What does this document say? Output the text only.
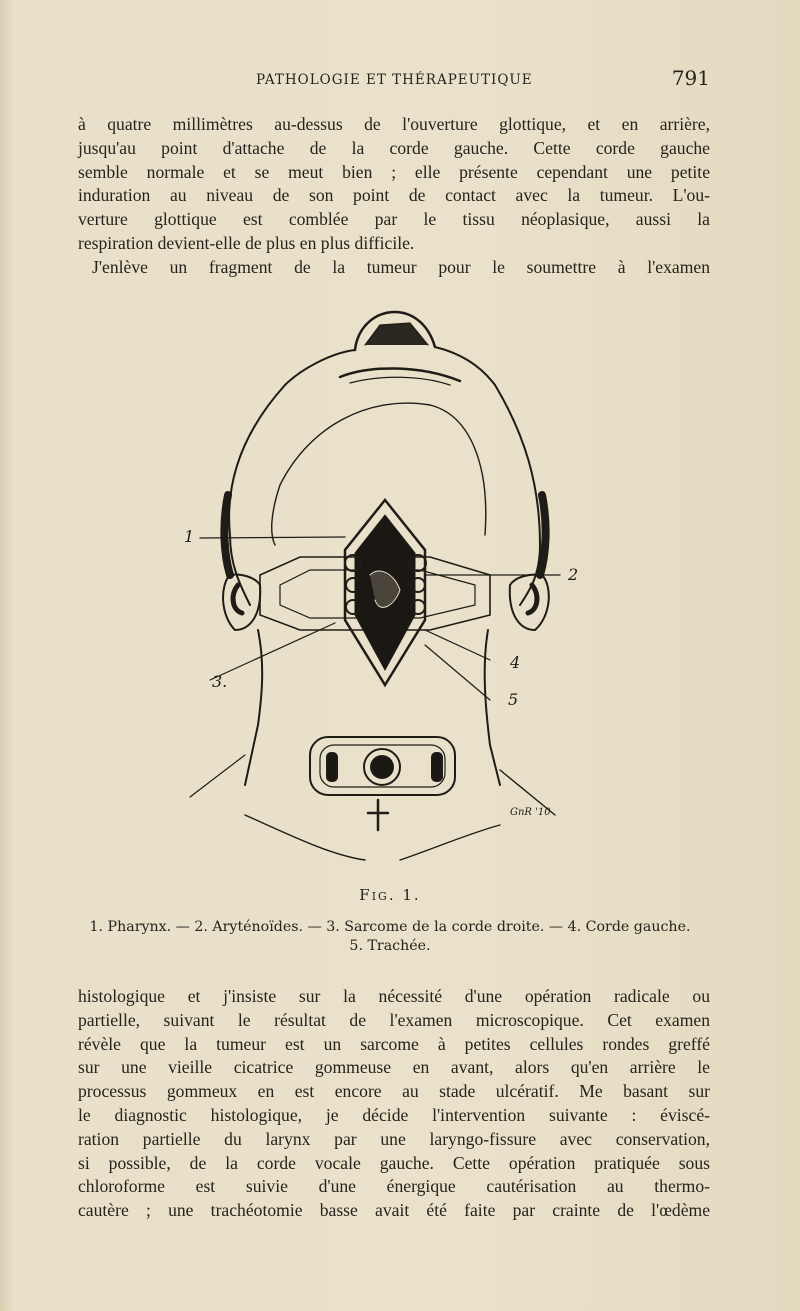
PATHOLOGIE ET THÉRAPEUTIQUE	791
à quatre millimètres au-dessus de l'ouverture glottique, et en arrière,
jusqu'au point d'attache de la corde gauche. Cette corde gauche
semble normale et se meut bien ; elle présente cependant une petite
induration au niveau de son point de contact avec la tumeur. L'ou-
verture glottique est comblée par le tissu néoplasique, aussi la
respiration devient-elle de plus en plus difficile.
J'enlève un fragment de la tumeur pour le soumettre à l'examen
1
2
3.
4
5
GnR '10
Fig. 1.
1. Pharynx. — 2. Aryténoïdes. — 3. Sarcome de la corde droite. — 4. Corde gauche.
5. Trachée.
histologique et j'insiste sur la nécessité d'une opération radicale ou
partielle, suivant le résultat de l'examen microscopique. Cet examen
révèle que la tumeur est un sarcome à petites cellules rondes greffé
sur une vieille cicatrice gommeuse en avant, alors qu'en arrière le
processus gommeux en est encore au stade ulcératif. Me basant sur
le diagnostic histologique, je décide l'intervention suivante : éviscé-
ration partielle du larynx par une laryngo-fissure avec conservation,
si possible, de la corde vocale gauche. Cette opération pratiquée sous
chloroforme est suivie d'une énergique cautérisation au thermo-
cautère ; une trachéotomie basse avait été faite par crainte de l'œdème
